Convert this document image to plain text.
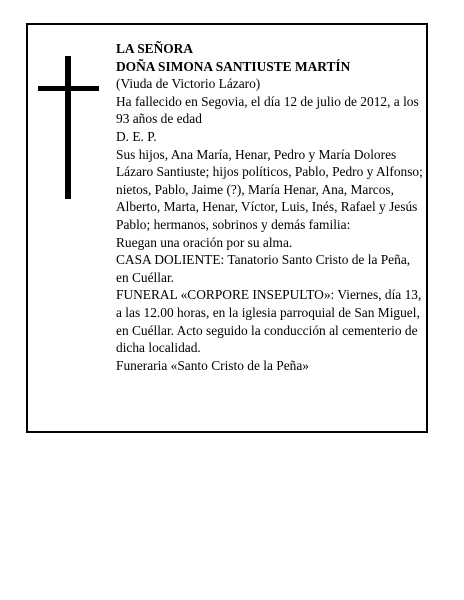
LA SEÑORA

DOÑA SIMONA SANTIUSTE MARTÍN

(Viuda de Victorio Lázaro)

Ha fallecido en Segovia, el día 12 de julio de 2012, a los 93 años de edad

D. E. P.

Sus hijos, Ana María, Henar, Pedro y María Dolores Lázaro Santiuste; hijos políticos, Pablo, Pedro y Alfonso; nietos, Pablo, Jaime (?), María Henar, Ana, Marcos, Alberto, Marta, Henar, Víctor, Luis, Inés, Rafael y Jesús Pablo; hermanos, sobrinos y demás familia:

Ruegan una oración por su alma.

CASA DOLIENTE: Tanatorio Santo Cristo de la Peña, en Cuéllar.

FUNERAL «CORPORE INSEPULTO»: Viernes, día 13, a las 12.00 horas, en la iglesia parroquial de San Miguel, en Cuéllar. Acto seguido la conducción al cementerio de dicha localidad.

Funeraria «Santo Cristo de la Peña»
